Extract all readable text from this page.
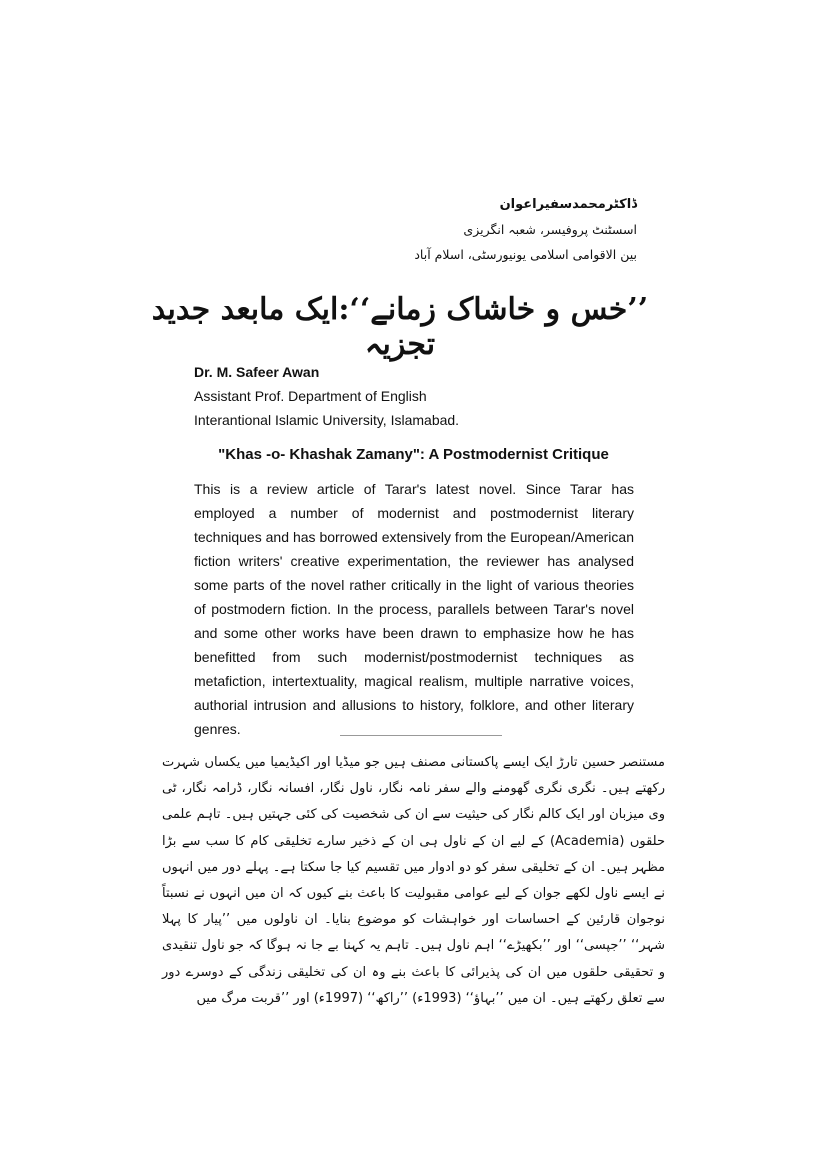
ڈاکٹرمحمدسفیراعوان
اسسٹنٹ پروفیسر، شعبہ انگریزی
بین الاقوامی اسلامی یونیورسٹی، اسلام آباد
’’خس و خاشاک زمانے‘‘:ایک مابعد جدید تجزیہ
Dr. M. Safeer Awan
Assistant Prof. Department of English
Interantional Islamic University, Islamabad.
"Khas -o- Khashak Zamany": A Postmodernist Critique

This is a review article of Tarar's latest novel. Since Tarar has employed a number of modernist and postmodernist literary techniques and has borrowed extensively from the European/American fiction writers' creative experimentation, the reviewer has analysed some parts of the novel rather critically in the light of various theories of postmodern fiction. In the process, parallels between Tarar's novel and some other works have been drawn to emphasize how he has benefitted from such modernist/postmodernist techniques as metafiction, intertextuality, magical realism, multiple narrative voices, authorial intrusion and allusions to history, folklore, and other literary genres.

مستنصر حسین تارڑ ایک ایسے پاکستانی مصنف ہیں جو میڈیا اور اکیڈیمیا میں یکساں شہرت رکھتے ہیں۔ نگری نگری گھومنے والے سفر نامہ نگار، ناول نگار، افسانہ نگار، ڈرامہ نگار، ٹی وی میزبان اور ایک کالم نگار کی حیثیت سے ان کی شخصیت کی کئی جہتیں ہیں۔ تاہم علمی حلقوں (Academia) کے لیے ان کے ناول ہی ان کے ذخیر سارے تخلیقی کام کا سب سے بڑا مظہر ہیں۔ ان کے تخلیقی سفر کو دو ادوار میں تقسیم کیا جا سکتا ہے۔ پہلے دور میں انہوں نے ایسے ناول لکھے جوان کے لیے عوامی مقبولیت کا باعث بنے کیوں کہ ان میں انہوں نے نسبتاً نوجوان قارئین کے احساسات اور خواہشات کو موضوع بنایا۔ ان ناولوں میں ’’پیار کا پہلا شہر‘‘ ’’جپسی‘‘ اور ’’بکھیڑے‘‘ اہم ناول ہیں۔ تاہم یہ کہنا بے جا نہ ہوگا کہ جو ناول تنقیدی و تحقیقی حلقوں میں ان کی پذیرائی کا باعث بنے وہ ان کی تخلیقی زندگی کے دوسرے دور سے تعلق رکھتے ہیں۔ ان میں ’’بہاؤ‘‘ (1993ء) ’’راکھ‘‘ (1997ء) اور ’’قربت مرگ میں
